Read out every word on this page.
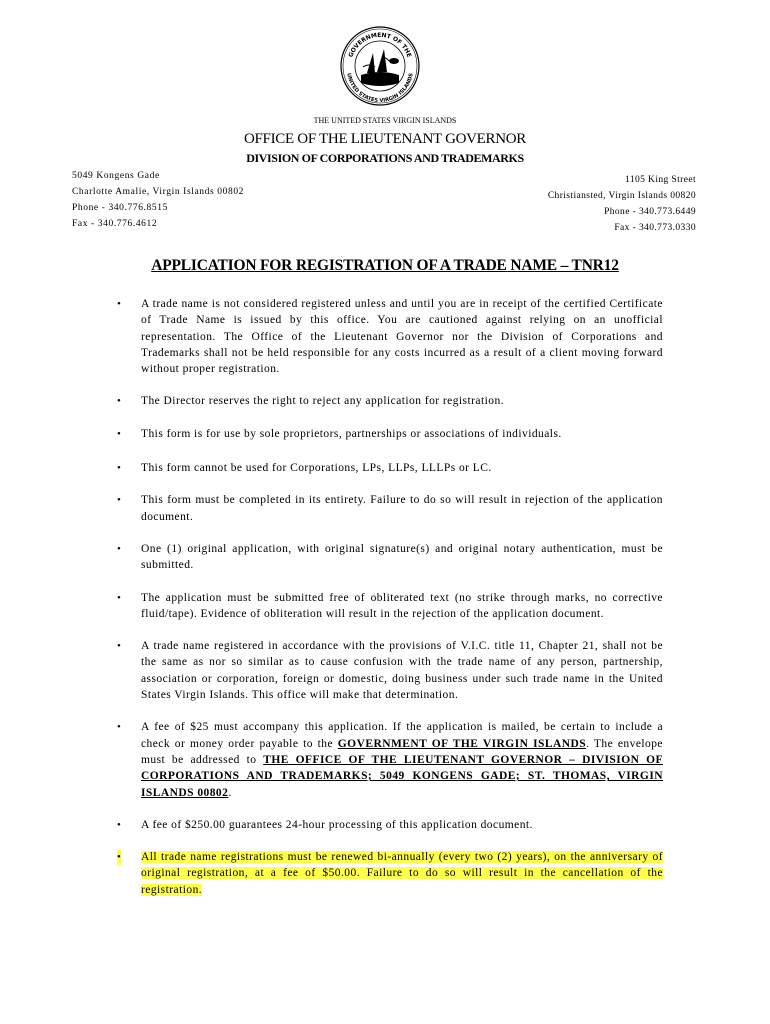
GOVERNMENT OF THE
UNITED STATES VIRGIN ISLANDS
THE UNITED STATES VIRGIN ISLANDS
OFFICE OF THE LIEUTENANT GOVERNOR
DIVISION OF CORPORATIONS AND TRADEMARKS
5049 Kongens Gade
Charlotte Amalie, Virgin Islands 00802
Phone - 340.776.8515
Fax - 340.776.4612
1105 King Street
Christiansted, Virgin Islands 00820
Phone - 340.773.6449
Fax - 340.773.0330
APPLICATION FOR REGISTRATION OF A TRADE NAME – TNR12
• A trade name is not considered registered unless and until you are in receipt of the certified Certificate of Trade Name is issued by this office. You are cautioned against relying on an unofficial representation. The Office of the Lieutenant Governor nor the Division of Corporations and Trademarks shall not be held responsible for any costs incurred as a result of a client moving forward without proper registration.
• The Director reserves the right to reject any application for registration.
• This form is for use by sole proprietors, partnerships or associations of individuals.
• This form cannot be used for Corporations, LPs, LLPs, LLLPs or LC.
• This form must be completed in its entirety. Failure to do so will result in rejection of the application document.
• One (1) original application, with original signature(s) and original notary authentication, must be submitted.
• The application must be submitted free of obliterated text (no strike through marks, no corrective fluid/tape). Evidence of obliteration will result in the rejection of the application document.
• A trade name registered in accordance with the provisions of V.I.C. title 11, Chapter 21, shall not be the same as nor so similar as to cause confusion with the trade name of any person, partnership, association or corporation, foreign or domestic, doing business under such trade name in the United States Virgin Islands. This office will make that determination.
• A fee of $25 must accompany this application. If the application is mailed, be certain to include a check or money order payable to the GOVERNMENT OF THE VIRGIN ISLANDS. The envelope must be addressed to THE OFFICE OF THE LIEUTENANT GOVERNOR – DIVISION OF CORPORATIONS AND TRADEMARKS; 5049 KONGENS GADE; ST. THOMAS, VIRGIN ISLANDS 00802.
• A fee of $250.00 guarantees 24-hour processing of this application document.
• All trade name registrations must be renewed bi-annually (every two (2) years), on the anniversary of original registration, at a fee of $50.00. Failure to do so will result in the cancellation of the registration.
